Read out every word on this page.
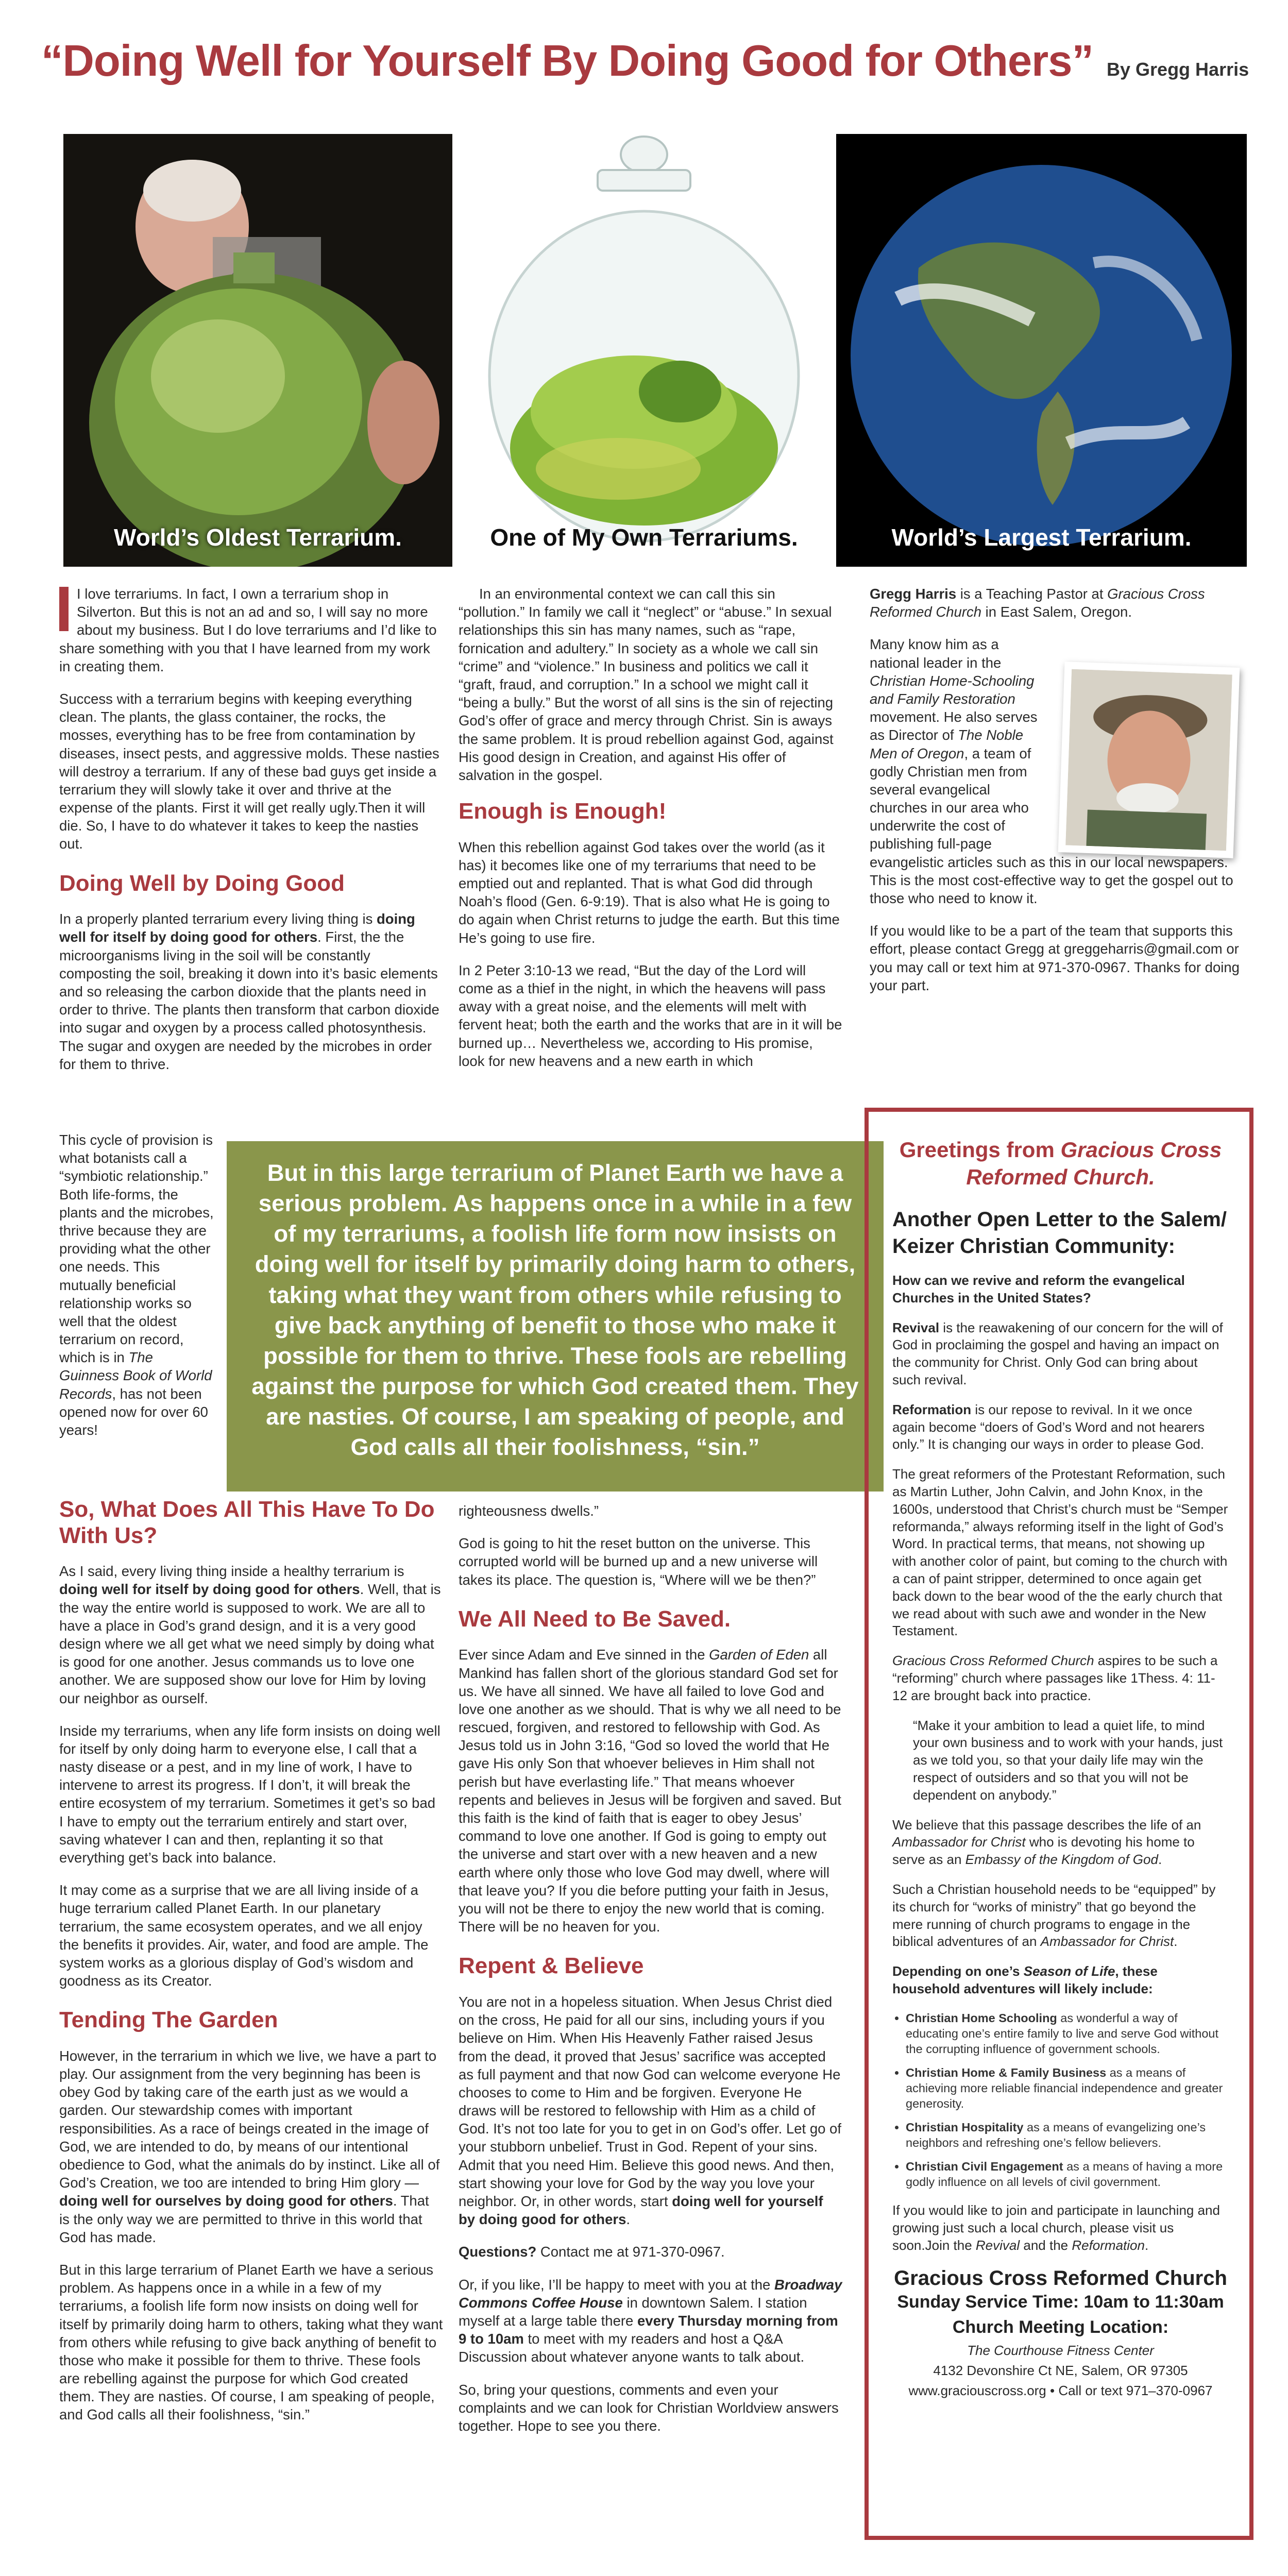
“Doing Well for Yourself By Doing Good for Others” By Gregg Harris
World’s Oldest Terrarium.	One of My Own Terrariums.	World’s Largest Terrarium.

I love terrariums. In fact, I own a terrarium shop in Silverton. But this is not an ad and so, I will say no more about my business. But I do love terrariums and I’d like to share something with you that I have learned from my work in creating them.

Success with a terrarium begins with keeping everything clean. The plants, the glass container, the rocks, the mosses, everything has to be free from contamination by diseases, insect pests, and aggressive molds. These nasties will destroy a terrarium. If any of these bad guys get inside a terrarium they will slowly take it over and thrive at the expense of the plants. First it will get really ugly.Then it will die. So, I have to do whatever it takes to keep the nasties out.

Doing Well by Doing Good

In a properly planted terrarium every living thing is doing well for itself by doing good for others. First, the the microorganisms living in the soil will be constantly composting the soil, breaking it down into it’s basic elements and so releasing the carbon dioxide that the plants need in order to thrive. The plants then transform that carbon dioxide into sugar and oxygen by a process called photosynthesis. The sugar and oxygen are needed by the microbes in order for them to thrive.

This cycle of provision is what botanists call a “symbiotic relationship.” Both life-forms, the plants and the microbes, thrive because they are providing what the other one needs. This mutually beneficial relationship works so well that the oldest terrarium on record, which is in The Guinness Book of World Records, has not been opened now for over 60 years!

But in this large terrarium of Planet Earth we have a serious problem. As happens once in a while in a few of my terrariums, a foolish life form now insists on doing well for itself by primarily doing harm to others, taking what they want from others while refusing to give back anything of benefit to those who make it possible for them to thrive. These fools are rebelling against the purpose for which God created them. They are nasties. Of course, I am speaking of people, and God calls all their foolishness, “sin.”
So, What Does All This Have To Do With Us?

As I said, every living thing inside a healthy terrarium is doing well for itself by doing good for others. Well, that is the way the entire world is supposed to work. We are all to have a place in God’s grand design, and it is a very good design where we all get what we need simply by doing what is good for one another. Jesus commands us to love one another. We are supposed show our love for Him by loving our neighbor as ourself.

Inside my terrariums, when any life form insists on doing well for itself by only doing harm to everyone else, I call that a nasty disease or a pest, and in my line of work, I have to intervene to arrest its progress. If I don’t, it will break the entire ecosystem of my terrarium. Sometimes it get’s so bad I have to empty out the terrarium entirely and start over, saving whatever I can and then, replanting it so that everything get’s back into balance.

It may come as a surprise that we are all living inside of a huge terrarium called Planet Earth. In our planetary terrarium, the same ecosystem operates, and we all enjoy the benefits it provides. Air, water, and food are ample. The system works as a glorious display of God’s wisdom and goodness as its Creator.

Tending The Garden

However, in the terrarium in which we live, we have a part to play. Our assignment from the very beginning has been is obey God by taking care of the earth just as we would a garden. Our stewardship comes with important responsibilities. As a race of beings created in the image of God, we are intended to do, by means of our intentional obedience to God, what the animals do by instinct. Like all of God’s Creation, we too are intended to bring Him glory — doing well for ourselves by doing good for others. That is the only way we are permitted to thrive in this world that God has made.

But in this large terrarium of Planet Earth we have a serious problem. As happens once in a while in a few of my terrariums, a foolish life form now insists on doing well for itself by primarily doing harm to others, taking what they want from others while refusing to give back anything of benefit to those who make it possible for them to thrive. These fools are rebelling against the purpose for which God created them. They are nasties. Of course, I am speaking of people, and God calls all their foolishness, “sin.”

In an environmental context we can call this sin “pollution.” In family we call it “neglect” or “abuse.” In sexual relationships this sin has many names, such as “rape, fornication and adultery.” In society as a whole we call sin “crime” and “violence.” In business and politics we call it “graft, fraud, and corruption.” In a school we might call it “being a bully.” But the worst of all sins is the sin of rejecting God’s offer of grace and mercy through Christ. Sin is aways the same problem. It is proud rebellion against God, against His good design in Creation, and against His offer of salvation in the gospel.

Enough is Enough!

When this rebellion against God takes over the world (as it has) it becomes like one of my terrariums that need to be emptied out and replanted. That is what God did through Noah’s flood (Gen. 6-9:19). That is also what He is going to do again when Christ returns to judge the earth. But this time He’s going to use fire.

In 2 Peter 3:10-13 we read, “But the day of the Lord will come as a thief in the night, in which the heavens will pass away with a great noise, and the elements will melt with fervent heat; both the earth and the works that are in it will be burned up… Nevertheless we, according to His promise, look for new heavens and a new earth in which

righteousness dwells.”

God is going to hit the reset button on the universe. This corrupted world will be burned up and a new universe will takes its place. The question is, “Where will we be then?”

We All Need to Be Saved.

Ever since Adam and Eve sinned in the Garden of Eden all Mankind has fallen short of the glorious standard God set for us. We have all sinned. We have all failed to love God and love one another as we should. That is why we all need to be rescued, forgiven, and restored to fellowship with God. As Jesus told us in John 3:16, “God so loved the world that He gave His only Son that whoever believes in Him shall not perish but have everlasting life.” That means whoever repents and believes in Jesus will be forgiven and saved. But this faith is the kind of faith that is eager to obey Jesus’ command to love one another. If God is going to empty out the universe and start over with a new heaven and a new earth where only those who love God may dwell, where will that leave you? If you die before putting your faith in Jesus, you will not be there to enjoy the new world that is coming. There will be no heaven for you.

Repent & Believe

You are not in a hopeless situation. When Jesus Christ died on the cross, He paid for all our sins, including yours if you believe on Him. When His Heavenly Father raised Jesus from the dead, it proved that Jesus’ sacrifice was accepted as full payment and that now God can welcome everyone He chooses to come to Him and be forgiven. Everyone He draws will be restored to fellowship with Him as a child of God. It’s not too late for you to get in on God’s offer. Let go of your stubborn unbelief. Trust in God. Repent of your sins. Admit that you need Him. Believe this good news. And then, start showing your love for God by the way you love your neighbor. Or, in other words, start doing well for yourself by doing good for others.

Questions? Contact me at 971-370-0967.

Or, if you like, I’ll be happy to meet with you at the Broadway Commons Coffee House in downtown Salem. I station myself at a large table there every Thursday morning from 9 to 10am to meet with my readers and host a Q&A Discussion about whatever anyone wants to talk about.

So, bring your questions, comments and even your complaints and we can look for Christian Worldview answers together. Hope to see you there.

Gregg Harris is a Teaching Pastor at Gracious Cross Reformed Church in East Salem, Oregon.

Many know him as a national leader in the Christian Home-Schooling and Family Restoration movement. He also serves as Director of The Noble Men of Oregon, a team of godly Christian men from several evangelical churches in our area who underwrite the cost of publishing full-page evangelistic articles such as this in our local newspapers. This is the most cost-effective way to get the gospel out to those who need to know it.

If you would like to be a part of the team that supports this effort, please contact Gregg at greggeharris@gmail.com or you may call or text him at 971-370-0967. Thanks for doing your part.

Greetings from Gracious Cross Reformed Church.
Another Open Letter to the Salem/ Keizer Christian Community:

How can we revive and reform the evangelical Churches in the United States?

Revival is the reawakening of our concern for the will of God in proclaiming the gospel and having an impact on the community for Christ. Only God can bring about such revival.

Reformation is our repose to revival. In it we once again become “doers of God’s Word and not hearers only.” It is changing our ways in order to please God.

The great reformers of the Protestant Reformation, such as Martin Luther, John Calvin, and John Knox, in the 1600s, understood that Christ’s church must be “Semper reformanda,” always reforming itself in the light of God’s Word. In practical terms, that means, not showing up with another color of paint, but coming to the church with a can of paint stripper, determined to once again get back down to the bear wood of the the early church that we read about with such awe and wonder in the New Testament.

Gracious Cross Reformed Church aspires to be such a “reforming” church where passages like 1Thess. 4: 11-12 are brought back into practice.

“Make it your ambition to lead a quiet life, to mind your own business and to work with your hands, just as we told you, so that your daily life may win the respect of outsiders and so that you will not be dependent on anybody.”

We believe that this passage describes the life of an Ambassador for Christ who is devoting his home to serve as an Embassy of the Kingdom of God.

Such a Christian household needs to be “equipped” by its church for “works of ministry” that go beyond the mere running of church programs to engage in the biblical adventures of an Ambassador for Christ.

Depending on one’s Season of Life, these household adventures will likely include:

• Christian Home Schooling as wonderful a way of educating one’s entire family to live and serve God without the corrupting influence of government schools.
• Christian Home & Family Business as a means of achieving more reliable financial independence and greater generosity.
• Christian Hospitality as a means of evangelizing one’s neighbors and refreshing one’s fellow believers.
• Christian Civil Engagement as a means of having a more godly influence on all levels of civil government.

If you would like to join and participate in launching and growing just such a local church, please visit us soon.Join the Revival and the Reformation.

Gracious Cross Reformed Church
Sunday Service Time: 10am to 11:30am
Church Meeting Location:
The Courthouse Fitness Center
4132 Devonshire Ct NE, Salem, OR 97305
www.graciouscross.org • Call or text 971–370-0967
